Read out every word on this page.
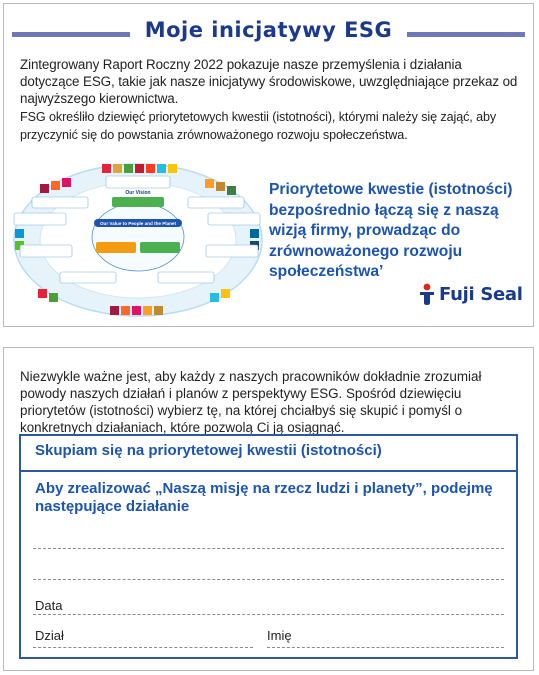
Moje inicjatywy ESG
Zintegrowany Raport Roczny 2022 pokazuje nasze przemyślenia i działania dotyczące ESG, takie jak nasze inicjatywy środowiskowe, uwzględniające przekaz od najwyższego kierownictwa.
FSG określiło dziewięć priorytetowych kwestii (istotności), którymi należy się zająć, aby przyczynić się do powstania zrównoważonego rozwoju społeczeństwa.
Our Vision
Our Value to People and the Planet
Priorytetowe kwestie (istotności) bezpośrednio łączą się z naszą wizją firmy, prowadząc do zrównoważonego rozwoju społeczeństwa’
Fuji Seal
Niezwykle ważne jest, aby każdy z naszych pracowników dokładnie zrozumiał powody naszych działań i planów z perspektywy ESG. Spośród dziewięciu priorytetów (istotności) wybierz tę, na której chciałbyś się skupić i pomyśl o konkretnych działaniach, które pozwolą Ci ją osiągnąć.
Skupiam się na priorytetowej kwestii (istotności)
Aby zrealizować „Naszą misję na rzecz ludzi i planety”, podejmę następujące działanie
Data
Dział	Imię
